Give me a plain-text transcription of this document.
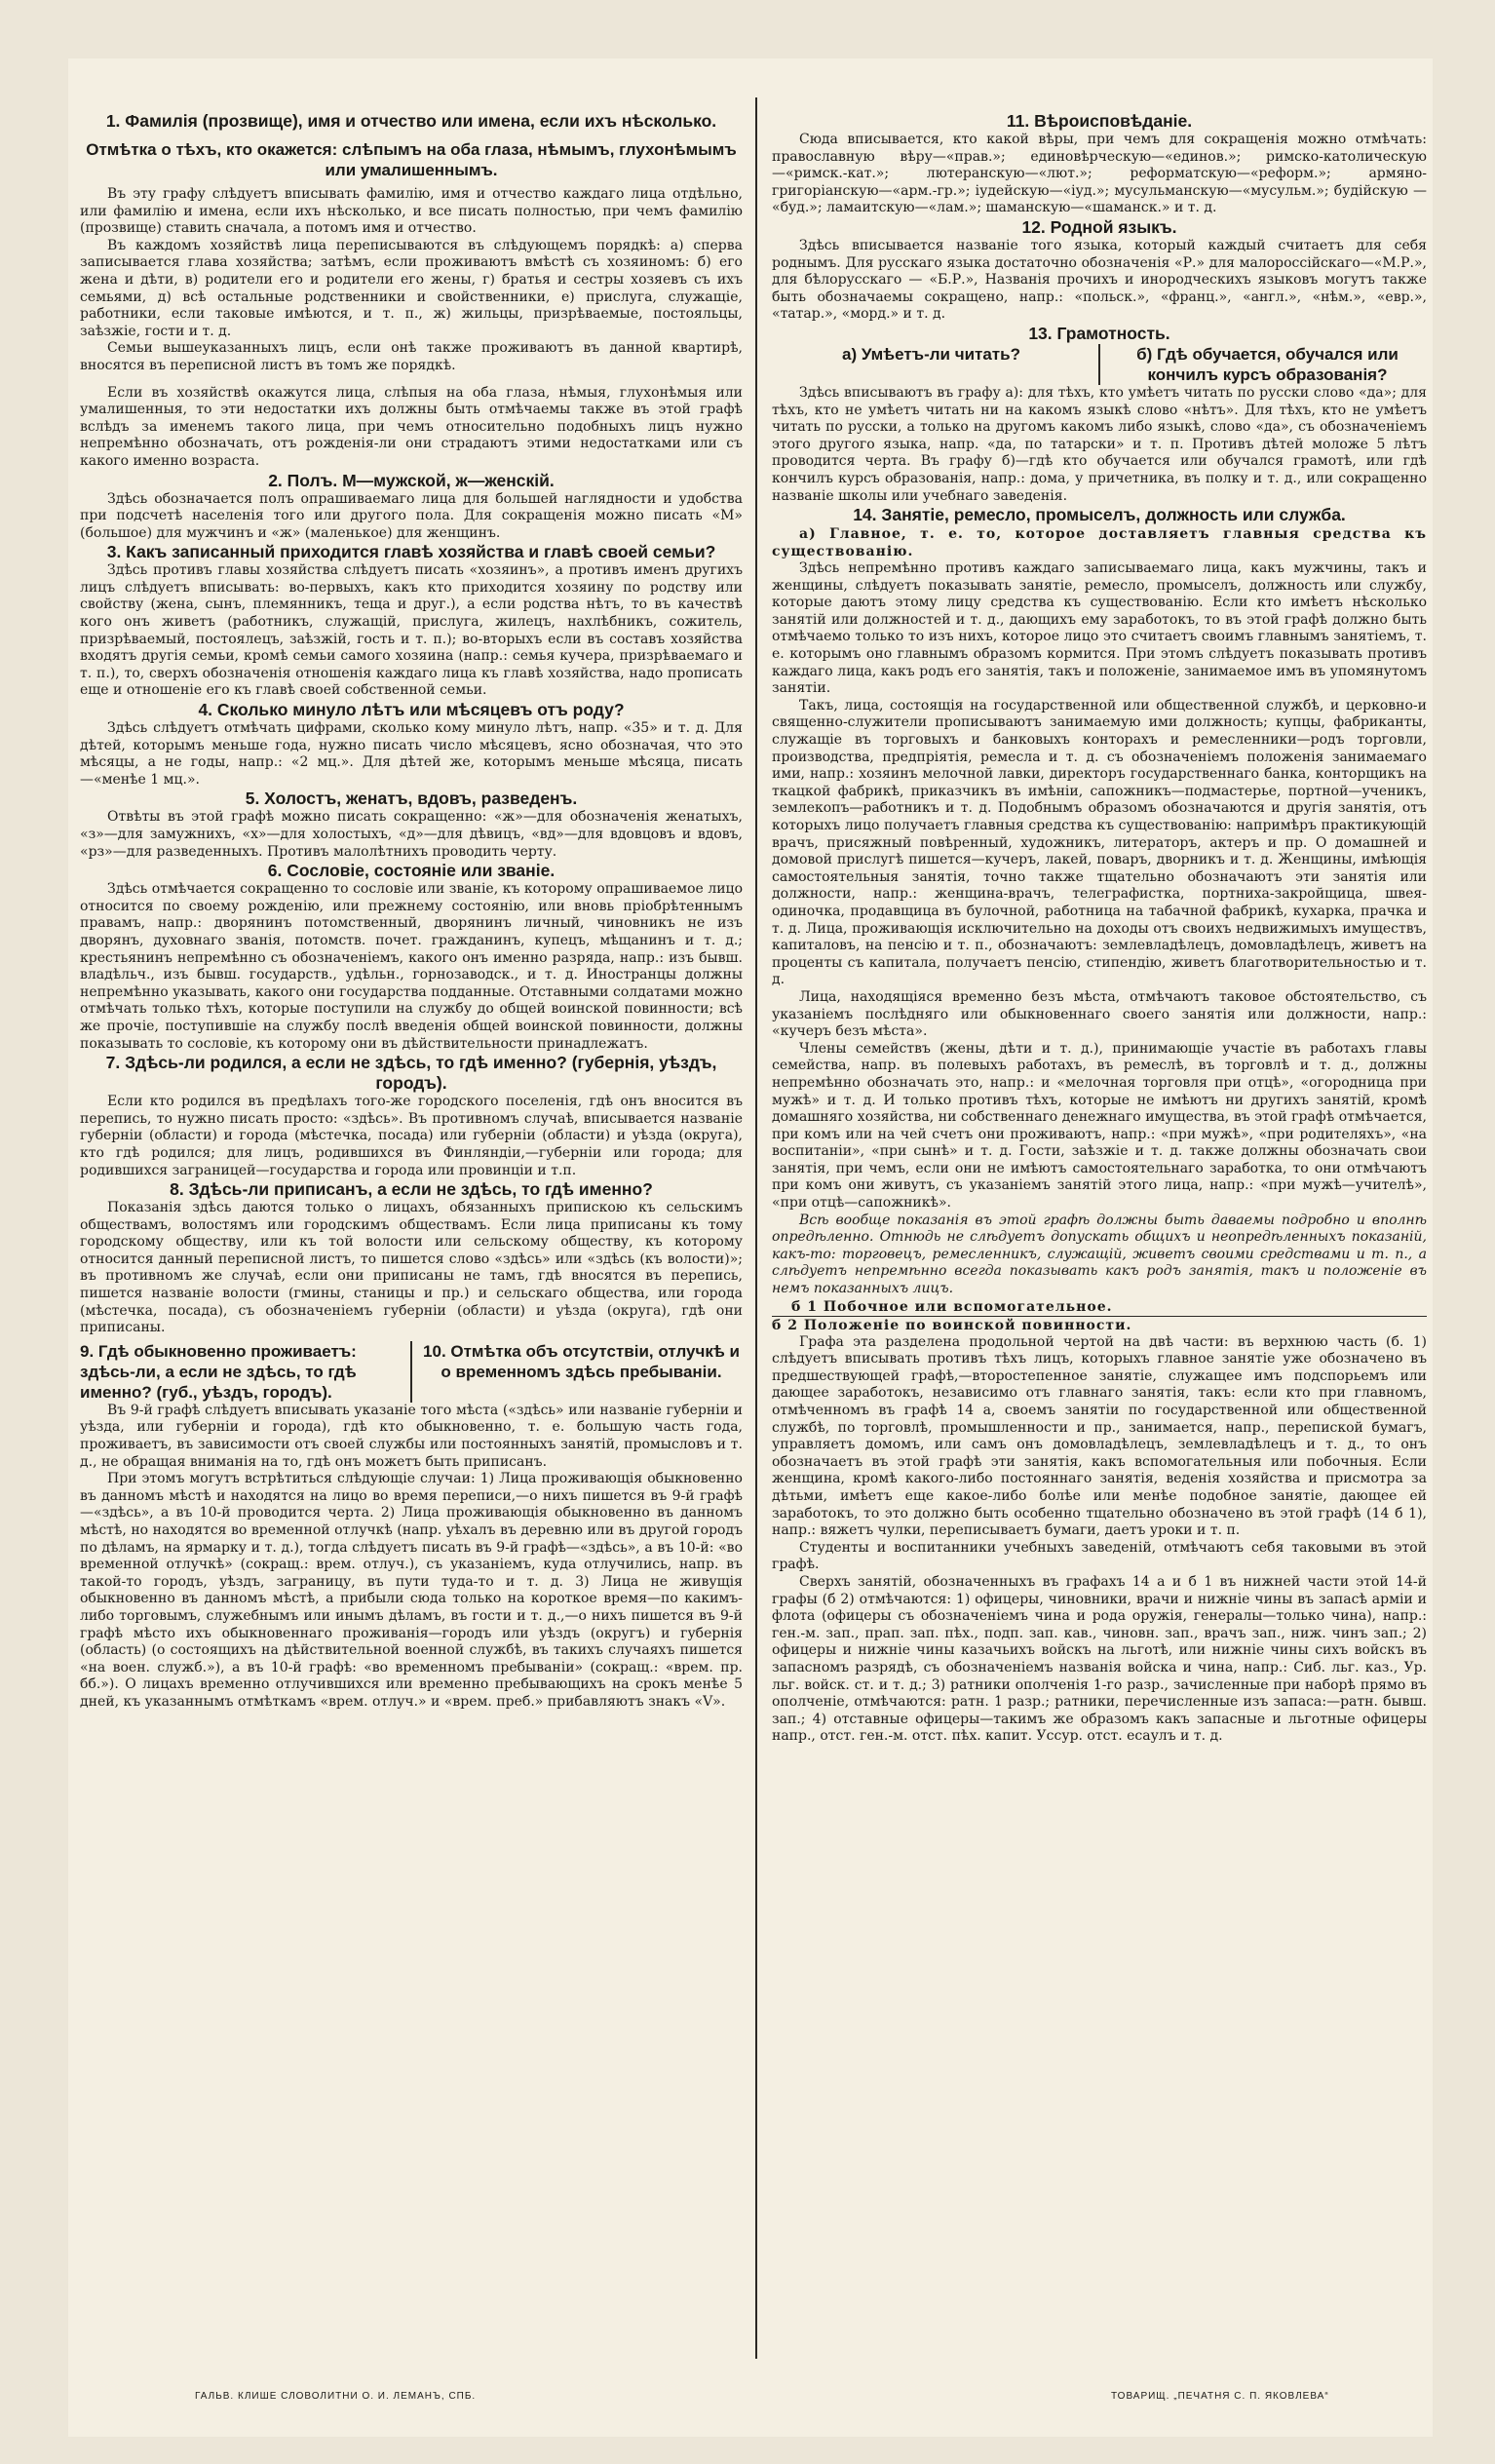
1. Фамилія (прозвище), имя и отчество или имена, если ихъ нѣсколько.

Отмѣтка о тѣхъ, кто окажется: слѣпымъ на оба глаза, нѣмымъ, глухонѣмымъ или умалишеннымъ.

Въ эту графу слѣдуетъ вписывать фамилію, имя и отчество каждаго лица отдѣльно, или фамилію и имена, если ихъ нѣсколько, и все писать полностью, при чемъ фамилію (прозвище) ставить сначала, а потомъ имя и отчество.

Въ каждомъ хозяйствѣ лица переписываются въ слѣдующемъ порядкѣ: а) сперва записывается глава хозяйства; затѣмъ, если проживаютъ вмѣстѣ съ хозяиномъ: б) его жена и дѣти, в) родители его и родители его жены, г) братья и сестры хозяевъ съ ихъ семьями, д) всѣ остальные родственники и свойственники, е) прислуга, служащіе, работники, если таковые имѣются, и т. п., ж) жильцы, призрѣваемые, постояльцы, заѣзжіе, гости и т. д.

Семьи вышеуказанныхъ лицъ, если онѣ также проживаютъ въ данной квартирѣ, вносятся въ переписной листъ въ томъ же порядкѣ.

Если въ хозяйствѣ окажутся лица, слѣпыя на оба глаза, нѣмыя, глухонѣмыя или умалишенныя, то эти недостатки ихъ должны быть отмѣчаемы также въ этой графѣ вслѣдъ за именемъ такого лица, при чемъ относительно подобныхъ лицъ нужно непремѣнно обозначать, отъ рожденія-ли они страдаютъ этими недостатками или съ какого именно возраста.

2. Полъ. М—мужской, ж—женскій.

Здѣсь обозначается полъ опрашиваемаго лица для большей наглядности и удобства при подсчетѣ населенія того или другого пола. Для сокращенія можно писать «М» (большое) для мужчинъ и «ж» (маленькое) для женщинъ.

3. Какъ записанный приходится главѣ хозяйства и главѣ своей семьи?

Здѣсь противъ главы хозяйства слѣдуетъ писать «хозяинъ», а противъ именъ другихъ лицъ слѣдуетъ вписывать: во-первыхъ, какъ кто приходится хозяину по родству или свойству (жена, сынъ, племянникъ, теща и друг.), а если родства нѣтъ, то въ качествѣ кого онъ живетъ (работникъ, служащій, прислуга, жилецъ, нахлѣбникъ, сожитель, призрѣваемый, постоялецъ, заѣзжій, гость и т. п.); во-вторыхъ если въ составъ хозяйства входятъ другія семьи, кромѣ семьи самого хозяина (напр.: семья кучера, призрѣваемаго и т. п.), то, сверхъ обозначенія отношенія каждаго лица къ главѣ хозяйства, надо прописать еще и отношеніе его къ главѣ своей собственной семьи.

4. Сколько минуло лѣтъ или мѣсяцевъ отъ роду?

Здѣсь слѣдуетъ отмѣчать цифрами, сколько кому минуло лѣтъ, напр. «35» и т. д. Для дѣтей, которымъ меньше года, нужно писать число мѣсяцевъ, ясно обозначая, что это мѣсяцы, а не годы, напр.: «2 мц.». Для дѣтей же, которымъ меньше мѣсяца, писать—«менѣе 1 мц.».

5. Холостъ, женатъ, вдовъ, разведенъ.

Отвѣты въ этой графѣ можно писать сокращенно: «ж»—для обозначенія женатыхъ, «з»—для замужнихъ, «х»—для холостыхъ, «д»—для дѣвицъ, «вд»—для вдовцовъ и вдовъ, «рз»—для разведенныхъ. Противъ малолѣтнихъ проводить черту.

6. Сословіе, состояніе или званіе.

Здѣсь отмѣчается сокращенно то сословіе или званіе, къ которому опрашиваемое лицо относится по своему рожденію, или прежнему состоянію, или вновь пріобрѣтеннымъ правамъ, напр.: дворянинъ потомственный, дворянинъ личный, чиновникъ не изъ дворянъ, духовнаго званія, потомств. почет. гражданинъ, купецъ, мѣщанинъ и т. д.; крестьянинъ непремѣнно съ обозначеніемъ, какого онъ именно разряда, напр.: изъ бывш. владѣльч., изъ бывш. государств., удѣльн., горнозаводск., и т. д. Иностранцы должны непремѣнно указывать, какого они государства подданные. Отставными солдатами можно отмѣчать только тѣхъ, которые поступили на службу до общей воинской повинности; всѣ же прочіе, поступившіе на службу послѣ введенія общей воинской повинности, должны показывать то сословіе, къ которому они въ дѣйствительности принадлежатъ.

7. Здѣсь-ли родился, а если не здѣсь, то гдѣ именно? (губернія, уѣздъ, городъ).

Если кто родился въ предѣлахъ того-же городского поселенія, гдѣ онъ вносится въ перепись, то нужно писать просто: «здѣсь». Въ противномъ случаѣ, вписывается названіе губерніи (области) и города (мѣстечка, посада) или губерніи (области) и уѣзда (округа), кто гдѣ родился; для лицъ, родившихся въ Финляндіи,—губерніи или города; для родившихся заграницей—государства и города или провинціи и т.п.

8. Здѣсь-ли приписанъ, а если не здѣсь, то гдѣ именно?

Показанія здѣсь даются только о лицахъ, обязанныхъ припискою къ сельскимъ обществамъ, волостямъ или городскимъ обществамъ. Если лица приписаны къ тому городскому обществу, или къ той волости или сельскому обществу, къ которому относится данный переписной листъ, то пишется слово «здѣсь» или «здѣсь (къ волости)»; въ противномъ же случаѣ, если они приписаны не тамъ, гдѣ вносятся въ перепись, пишется названіе волости (гмины, станицы и пр.) и сельскаго общества, или города (мѣстечка, посада), съ обозначеніемъ губерніи (области) и уѣзда (округа), гдѣ они приписаны.

9. Гдѣ обыкновенно проживаетъ: здѣсь-ли, а если не здѣсь, то гдѣ именно? (губ., уѣздъ, городъ).
10. Отмѣтка объ отсутствіи, отлучкѣ и о временномъ здѣсь пребываніи.

Въ 9-й графѣ слѣдуетъ вписывать указаніе того мѣста («здѣсь» или названіе губерніи и уѣзда, или губерніи и города), гдѣ кто обыкновенно, т. е. большую часть года, проживаетъ, въ зависимости отъ своей службы или постоянныхъ занятій, промысловъ и т. д., не обращая вниманія на то, гдѣ онъ можетъ быть приписанъ.

При этомъ могутъ встрѣтиться слѣдующіе случаи: 1) Лица проживающія обыкновенно въ данномъ мѣстѣ и находятся на лицо во время переписи,—о нихъ пишется въ 9-й графѣ—«здѣсь», а въ 10-й проводится черта. 2) Лица проживающія обыкновенно въ данномъ мѣстѣ, но находятся во временной отлучкѣ (напр. уѣхалъ въ деревню или въ другой городъ по дѣламъ, на ярмарку и т. д.), тогда слѣдуетъ писать въ 9-й графѣ—«здѣсь», а въ 10-й: «во временной отлучкѣ» (сокращ.: врем. отлуч.), съ указаніемъ, куда отлучились, напр. въ такой-то городъ, уѣздъ, заграницу, въ пути туда-то и т. д. 3) Лица не живущія обыкновенно въ данномъ мѣстѣ, а прибыли сюда только на короткое время—по какимъ-либо торговымъ, служебнымъ или инымъ дѣламъ, въ гости и т. д.,—о нихъ пишется въ 9-й графѣ мѣсто ихъ обыкновеннаго проживанія—городъ или уѣздъ (округъ) и губернія (область) (о состоящихъ на дѣйствительной военной службѣ, въ такихъ случаяхъ пишется «на воен. служб.»), а въ 10-й графѣ: «во временномъ пребываніи» (сокращ.: «врем. пр. бб.»). О лицахъ временно отлучившихся или временно пребывающихъ на срокъ менѣе 5 дней, къ указаннымъ отмѣткамъ «врем. отлуч.» и «врем. преб.» прибавляютъ знакъ «V».

11. Вѣроисповѣданіе.

Сюда вписывается, кто какой вѣры, при чемъ для сокращенія можно отмѣчать: православную вѣру—«прав.»; единовѣрческую—«единов.»; римско-католическую—«римск.-кат.»; лютеранскую—«лют.»; реформатскую—«реформ.»; армяно-григоріанскую—«арм.-гр.»; іудейскую—«іуд.»; мусульманскую—«мусульм.»; будійскую — «буд.»; ламаитскую—«лам.»; шаманскую—«шаманск.» и т. д.

12. Родной языкъ.

Здѣсь вписывается названіе того языка, который каждый считаетъ для себя роднымъ. Для русскаго языка достаточно обозначенія «Р.» для малороссійскаго—«М.Р.», для бѣлорусскаго — «Б.Р.», Названія прочихъ и инородческихъ языковъ могутъ также быть обозначаемы сокращено, напр.: «польск.», «франц.», «англ.», «нѣм.», «евр.», «татар.», «морд.» и т. д.

13. Грамотность.
а) Умѣетъ-ли читать?	б) Гдѣ обучается, обучался или кончилъ курсъ образованія?

Здѣсь вписываютъ въ графу а): для тѣхъ, кто умѣетъ читать по русски слово «да»; для тѣхъ, кто не умѣетъ читать ни на какомъ языкѣ слово «нѣтъ». Для тѣхъ, кто не умѣетъ читать по русски, а только на другомъ какомъ либо языкѣ, слово «да», съ обозначеніемъ этого другого языка, напр. «да, по татарски» и т. п. Противъ дѣтей моложе 5 лѣтъ проводится черта. Въ графу б)—гдѣ кто обучается или обучался грамотѣ, или гдѣ кончилъ курсъ образованія, напр.: дома, у причетника, въ полку и т. д., или сокращенно названіе школы или учебнаго заведенія.

14. Занятіе, ремесло, промыселъ, должность или служба.

а) Главное, т. е. то, которое доставляетъ главныя средства къ существованію.

Здѣсь непремѣнно противъ каждаго записываемаго лица, какъ мужчины, такъ и женщины, слѣдуетъ показывать занятіе, ремесло, промыселъ, должность или службу, которые даютъ этому лицу средства къ существованію. Если кто имѣетъ нѣсколько занятій или должностей и т. д., дающихъ ему заработокъ, то въ этой графѣ должно быть отмѣчаемо только то изъ нихъ, которое лицо это считаетъ своимъ главнымъ занятіемъ, т. е. которымъ оно главнымъ образомъ кормится. При этомъ слѣдуетъ показывать противъ каждаго лица, какъ родъ его занятія, такъ и положеніе, занимаемое имъ въ упомянутомъ занятіи.

Такъ, лица, состоящія на государственной или общественной службѣ, и церковно-и священно-служители прописываютъ занимаемую ими должность; купцы, фабриканты, служащіе въ торговыхъ и банковыхъ конторахъ и ремесленники—родъ торговли, производства, предпріятія, ремесла и т. д. съ обозначеніемъ положенія занимаемаго ими, напр.: хозяинъ мелочной лавки, директоръ государственнаго банка, конторщикъ на ткацкой фабрикѣ, приказчикъ въ имѣніи, сапожникъ—подмастерье, портной—ученикъ, землекопъ—работникъ и т. д. Подобнымъ образомъ обозначаются и другія занятія, отъ которыхъ лицо получаетъ главныя средства къ существованію: напримѣръ практикующій врачъ, присяжный повѣренный, художникъ, литераторъ, актеръ и пр. О домашней и домовой прислугѣ пишется—кучеръ, лакей, поваръ, дворникъ и т. д. Женщины, имѣющія самостоятельныя занятія, точно также тщательно обозначаютъ эти занятія или должности, напр.: женщина-врачъ, телеграфистка, портниха-закройщица, швея-одиночка, продавщица въ булочной, работница на табачной фабрикѣ, кухарка, прачка и т. д. Лица, проживающія исключительно на доходы отъ своихъ недвижимыхъ имуществъ, капиталовъ, на пенсію и т. п., обозначаютъ: землевладѣлецъ, домовладѣлецъ, живетъ на проценты съ капитала, получаетъ пенсію, стипендію, живетъ благотворительностью и т. д.

Лица, находящіяся временно безъ мѣста, отмѣчаютъ таковое обстоятельство, съ указаніемъ послѣдняго или обыкновеннаго своего занятія или должности, напр.: «кучеръ безъ мѣста».

Члены семействъ (жены, дѣти и т. д.), принимающіе участіе въ работахъ главы семейства, напр. въ полевыхъ работахъ, въ ремеслѣ, въ торговлѣ и т. д., должны непремѣнно обозначать это, напр.: и «мелочная торговля при отцѣ», «огородница при мужѣ» и т. д. И только противъ тѣхъ, которые не имѣютъ ни другихъ занятій, кромѣ домашняго хозяйства, ни собственнаго денежнаго имущества, въ этой графѣ отмѣчается, при комъ или на чей счетъ они проживаютъ, напр.: «при мужѣ», «при родителяхъ», «на воспитаніи», «при сынѣ» и т. д. Гости, заѣзжіе и т. д. также должны обозначать свои занятія, при чемъ, если они не имѣютъ самостоятельнаго заработка, то они отмѣчаютъ при комъ они живутъ, съ указаніемъ занятій этого лица, напр.: «при мужѣ—учителѣ», «при отцѣ—сапожникѣ».

Всѣ вообще показанія въ этой графѣ должны быть даваемы подробно и вполнѣ опредѣленно. Отнюдь не слѣдуетъ допускать общихъ и неопредѣленныхъ показаній, какъ-то: торговецъ, ремесленникъ, служащій, живетъ своими средствами и т. п., а слѣдуетъ непремѣнно всегда показывать какъ родъ занятія, такъ и положеніе въ немъ показанныхъ лицъ.

б 1 Побочное или вспомогательное.

б 2 Положеніе по воинской повинности.

Графа эта разделена продольной чертой на двѣ части: въ верхнюю часть (б. 1) слѣдуетъ вписывать противъ тѣхъ лицъ, которыхъ главное занятіе уже обозначено въ предшествующей графѣ,—второстепенное занятіе, служащее имъ подспорьемъ или дающее заработокъ, независимо отъ главнаго занятія, такъ: если кто при главномъ, отмѣченномъ въ графѣ 14 а, своемъ занятіи по государственной или общественной службѣ, по торговлѣ, промышленности и пр., занимается, напр., перепиской бумагъ, управляетъ домомъ, или самъ онъ домовладѣлецъ, землевладѣлецъ и т. д., то онъ обозначаетъ въ этой графѣ эти занятія, какъ вспомогательныя или побочныя. Если женщина, кромѣ какого-либо постояннаго занятія, веденія хозяйства и присмотра за дѣтьми, имѣетъ еще какое-либо болѣе или менѣе подобное занятіе, дающее ей заработокъ, то это должно быть особенно тщательно обозначено въ этой графѣ (14 б 1), напр.: вяжетъ чулки, переписываетъ бумаги, даетъ уроки и т. п.

Студенты и воспитанники учебныхъ заведеній, отмѣчаютъ себя таковыми въ этой графѣ.

Сверхъ занятій, обозначенныхъ въ графахъ 14 а и б 1 въ нижней части этой 14-й графы (б 2) отмѣчаются: 1) офицеры, чиновники, врачи и нижніе чины въ запасѣ арміи и флота (офицеры съ обозначеніемъ чина и рода оружія, генералы—только чина), напр.: ген.-м. зап., прап. зап. пѣх., подп. зап. кав., чиновн. зап., врачъ зап., ниж. чинъ зап.; 2) офицеры и нижніе чины казачьихъ войскъ на льготѣ, или нижніе чины сихъ войскъ въ запасномъ разрядѣ, съ обозначеніемъ названія войска и чина, напр.: Сиб. льг. каз., Ур. льг. войск. ст. и т. д.; 3) ратники ополченія 1-го разр., зачисленные при наборѣ прямо въ ополченіе, отмѣчаются: ратн. 1 разр.; ратники, перечисленные изъ запаса:—ратн. бывш. зап.; 4) отставные офицеры—такимъ же образомъ какъ запасные и льготные офицеры напр., отст. ген.-м. отст. пѣх. капит. Уссур. отст. есаулъ и т. д.

ГАЛЬВ. КЛИШЕ СЛОВОЛИТНИ О. И. ЛЕМАНЪ, СПБ.	ТОВАРИЩ. „ПЕЧАТНЯ С. П. ЯКОВЛЕВА“
